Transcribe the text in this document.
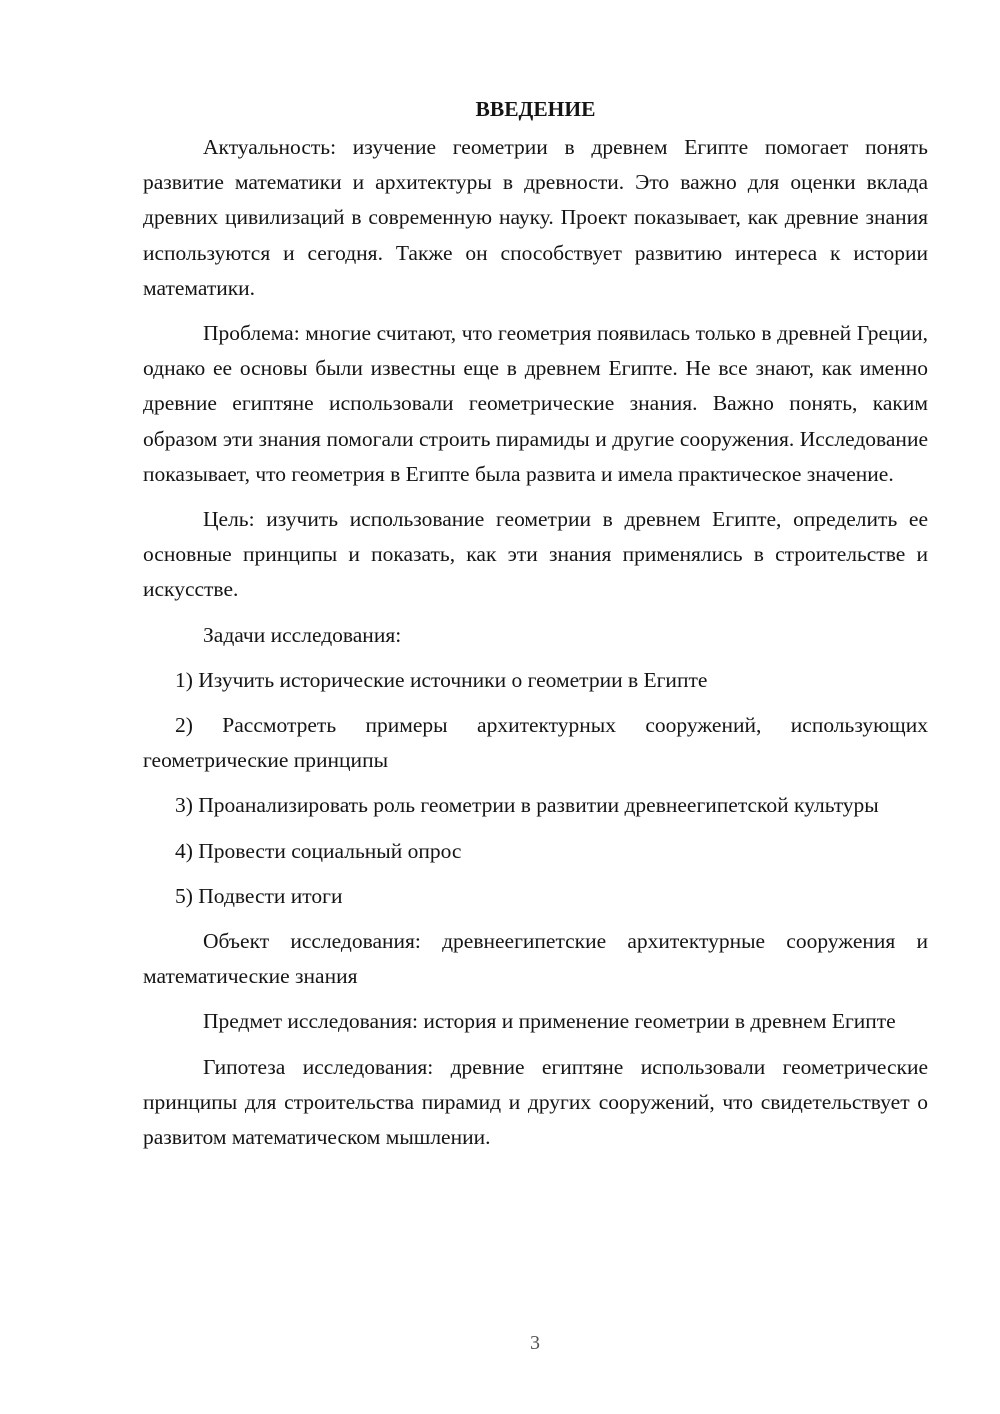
ВВЕДЕНИЕ

Актуальность: изучение геометрии в древнем Египте помогает понять развитие математики и архитектуры в древности. Это важно для оценки вклада древних цивилизаций в современную науку. Проект показывает, как древние знания используются и сегодня. Также он способствует развитию интереса к истории математики.

Проблема: многие считают, что геометрия появилась только в древней Греции, однако ее основы были известны еще в древнем Египте. Не все знают, как именно древние египтяне использовали геометрические знания. Важно понять, каким образом эти знания помогали строить пирамиды и другие сооружения. Исследование показывает, что геометрия в Египте была развита и имела практическое значение.

Цель: изучить использование геометрии в древнем Египте, определить ее основные принципы и показать, как эти знания применялись в строительстве и искусстве.

Задачи исследования:

1) Изучить исторические источники о геометрии в Египте

2) Рассмотреть примеры архитектурных сооружений, использующих геометрические принципы

3) Проанализировать роль геометрии в развитии древнеегипетской культуры

4) Провести социальный опрос

5) Подвести итоги

Объект исследования: древнеегипетские архитектурные сооружения и математические знания

Предмет исследования: история и применение геометрии в древнем Египте

Гипотеза исследования: древние египтяне использовали геометрические принципы для строительства пирамид и других сооружений, что свидетельствует о развитом математическом мышлении.

3
